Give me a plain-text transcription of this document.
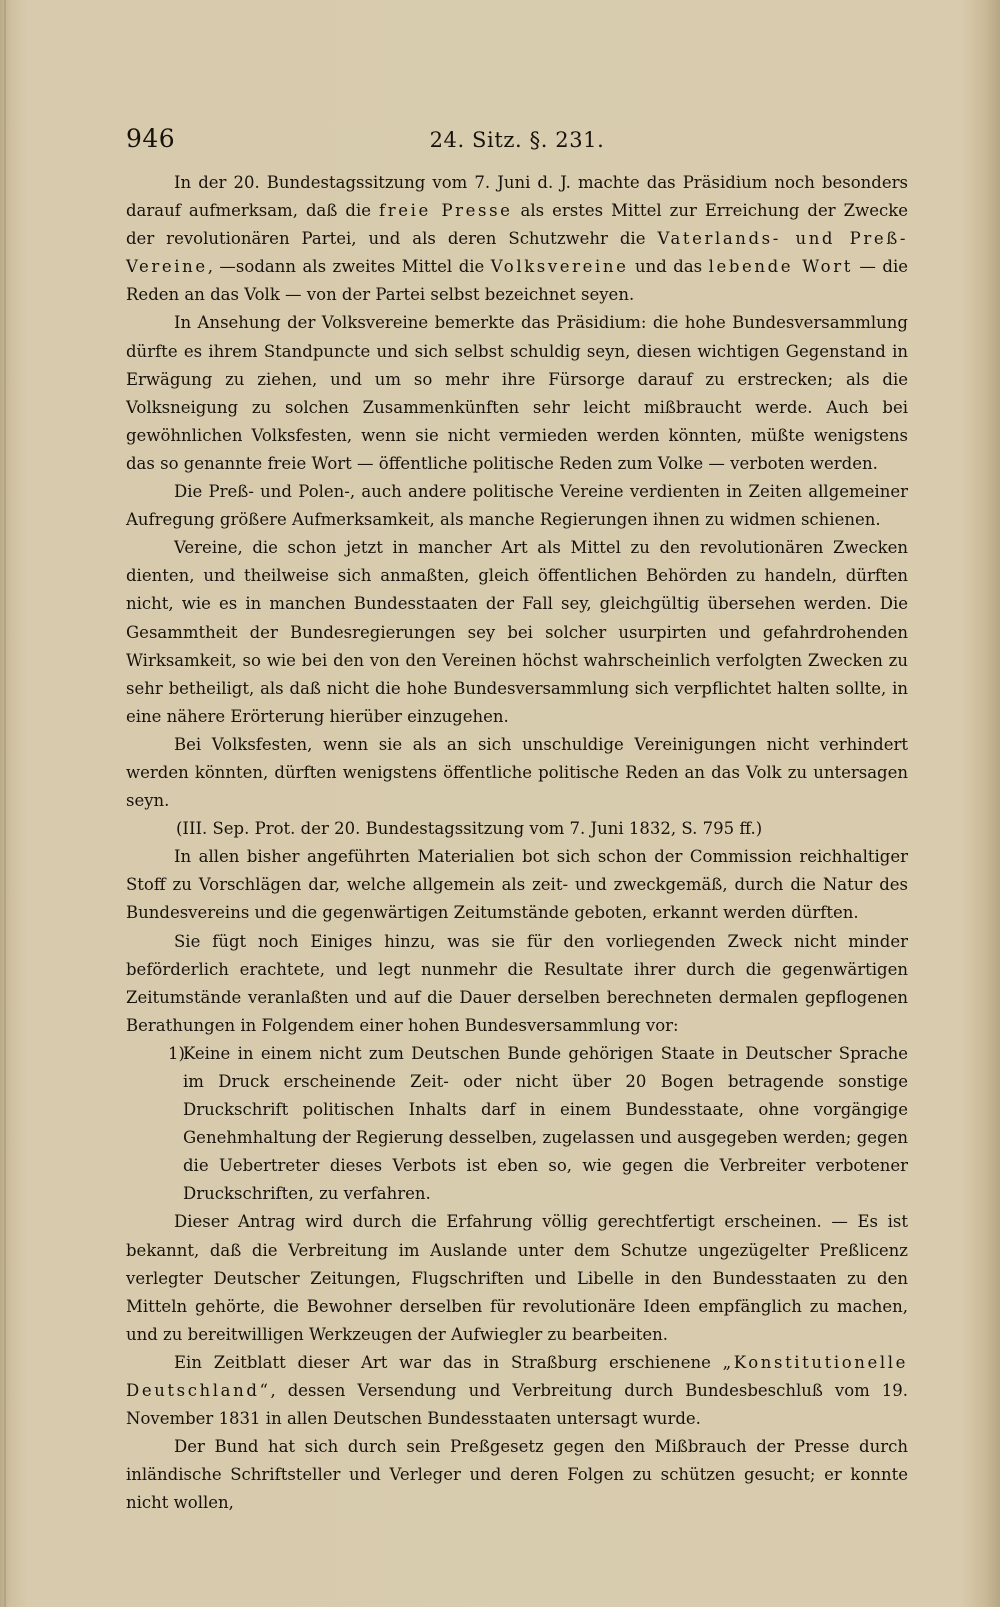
946	24. Sitz. §. 231.

In der 20. Bundestagssitzung vom 7. Juni d. J. machte das Präsidium noch besonders darauf aufmerksam, daß die freie Presse als erstes Mittel zur Erreichung der Zwecke der revolutionären Partei, und als deren Schutzwehr die Vaterlands- und Preß-Vereine, —sodann als zweites Mittel die Volksvereine und das lebende Wort — die Reden an das Volk — von der Partei selbst bezeichnet seyen.

In Ansehung der Volksvereine bemerkte das Präsidium: die hohe Bundesversammlung dürfte es ihrem Standpuncte und sich selbst schuldig seyn, diesen wichtigen Gegenstand in Erwägung zu ziehen, und um so mehr ihre Fürsorge darauf zu erstrecken; als die Volksneigung zu solchen Zusammenkünften sehr leicht mißbraucht werde. Auch bei gewöhnlichen Volksfesten, wenn sie nicht vermieden werden könnten, müßte wenigstens das so genannte freie Wort — öffentliche politische Reden zum Volke — verboten werden.

Die Preß- und Polen-, auch andere politische Vereine verdienten in Zeiten allgemeiner Aufregung größere Aufmerksamkeit, als manche Regierungen ihnen zu widmen schienen.

Vereine, die schon jetzt in mancher Art als Mittel zu den revolutionären Zwecken dienten, und theilweise sich anmaßten, gleich öffentlichen Behörden zu handeln, dürften nicht, wie es in manchen Bundesstaaten der Fall sey, gleichgültig übersehen werden. Die Gesammtheit der Bundesregierungen sey bei solcher usurpirten und gefahrdrohenden Wirksamkeit, so wie bei den von den Vereinen höchst wahrscheinlich verfolgten Zwecken zu sehr betheiligt, als daß nicht die hohe Bundesversammlung sich verpflichtet halten sollte, in eine nähere Erörterung hierüber einzugehen.

Bei Volksfesten, wenn sie als an sich unschuldige Vereinigungen nicht verhindert werden könnten, dürften wenigstens öffentliche politische Reden an das Volk zu untersagen seyn.

(III. Sep. Prot. der 20. Bundestagssitzung vom 7. Juni 1832, S. 795 ff.)

In allen bisher angeführten Materialien bot sich schon der Commission reichhaltiger Stoff zu Vorschlägen dar, welche allgemein als zeit- und zweckgemäß, durch die Natur des Bundesvereins und die gegenwärtigen Zeitumstände geboten, erkannt werden dürften.

Sie fügt noch Einiges hinzu, was sie für den vorliegenden Zweck nicht minder beförderlich erachtete, und legt nunmehr die Resultate ihrer durch die gegenwärtigen Zeitumstände veranlaßten und auf die Dauer derselben berechneten dermalen gepflogenen Berathungen in Folgendem einer hohen Bundesversammlung vor:

1)
Keine in einem nicht zum Deutschen Bunde gehörigen Staate in Deutscher Sprache im Druck erscheinende Zeit- oder nicht über 20 Bogen betragende sonstige Druckschrift politischen Inhalts darf in einem Bundesstaate, ohne vorgängige Genehmhaltung der Regierung desselben, zugelassen und ausgegeben werden; gegen die Uebertreter dieses Verbots ist eben so, wie gegen die Verbreiter verbotener Druckschriften, zu verfahren.

Dieser Antrag wird durch die Erfahrung völlig gerechtfertigt erscheinen. — Es ist bekannt, daß die Verbreitung im Auslande unter dem Schutze ungezügelter Preßlicenz verlegter Deutscher Zeitungen, Flugschriften und Libelle in den Bundesstaaten zu den Mitteln gehörte, die Bewohner derselben für revolutionäre Ideen empfänglich zu machen, und zu bereitwilligen Werkzeugen der Aufwiegler zu bearbeiten.

Ein Zeitblatt dieser Art war das in Straßburg erschienene „Konstitutionelle Deutschland“, dessen Versendung und Verbreitung durch Bundesbeschluß vom 19. November 1831 in allen Deutschen Bundesstaaten untersagt wurde.

Der Bund hat sich durch sein Preßgesetz gegen den Mißbrauch der Presse durch inländische Schriftsteller und Verleger und deren Folgen zu schützen gesucht; er konnte nicht wollen,
